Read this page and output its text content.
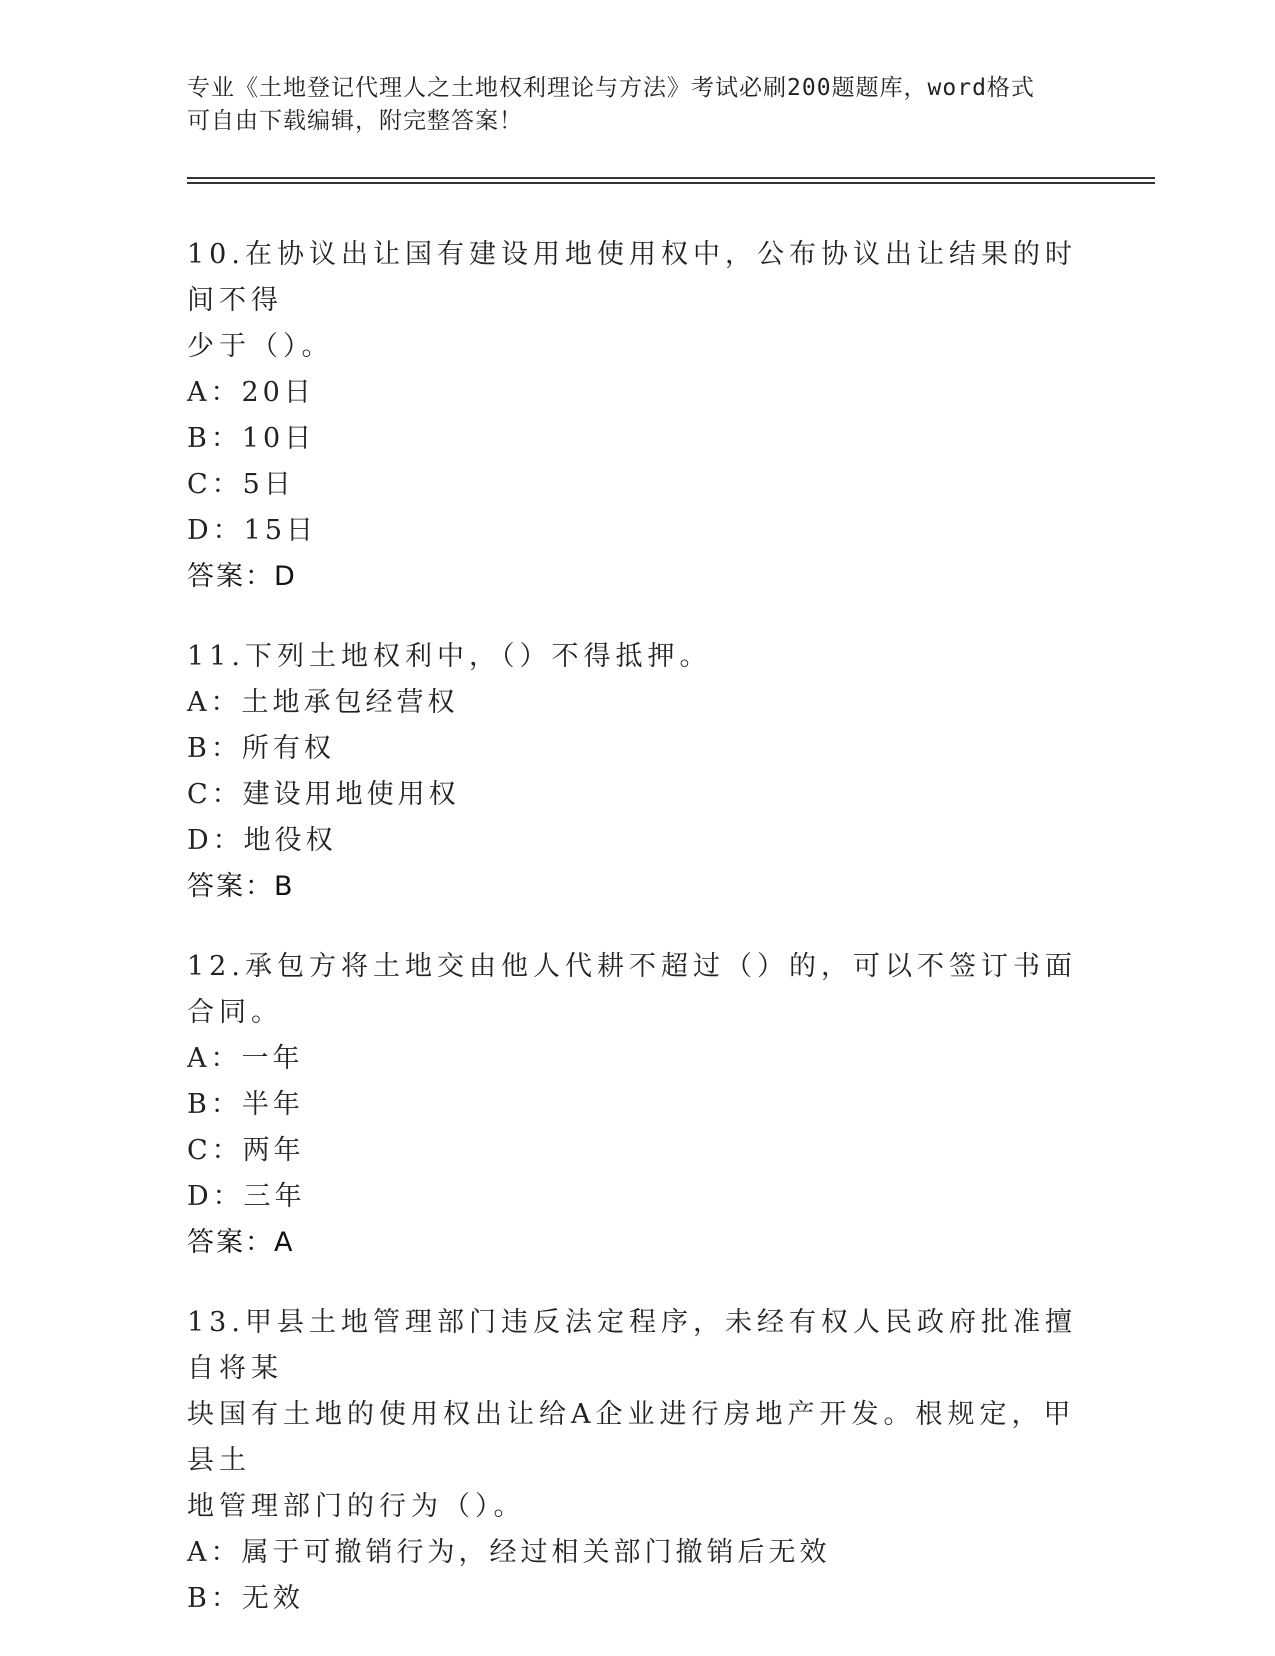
专业《土地登记代理人之土地权利理论与方法》考试必刷200题题库，word格式
可自由下载编辑，附完整答案！
10.在协议出让国有建设用地使用权中，公布协议出让结果的时间不得
少于（）。
A：20日
B：10日
C：5日
D：15日
答案：D
11.下列土地权利中，（）不得抵押。
A：土地承包经营权
B：所有权
C：建设用地使用权
D：地役权
答案：B
12.承包方将土地交由他人代耕不超过（）的，可以不签订书面合同。
A：一年
B：半年
C：两年
D：三年
答案：A
13.甲县土地管理部门违反法定程序，未经有权人民政府批准擅自将某
块国有土地的使用权出让给A企业进行房地产开发。根规定，甲县土
地管理部门的行为（）。
A：属于可撤销行为，经过相关部门撤销后无效
B：无效
